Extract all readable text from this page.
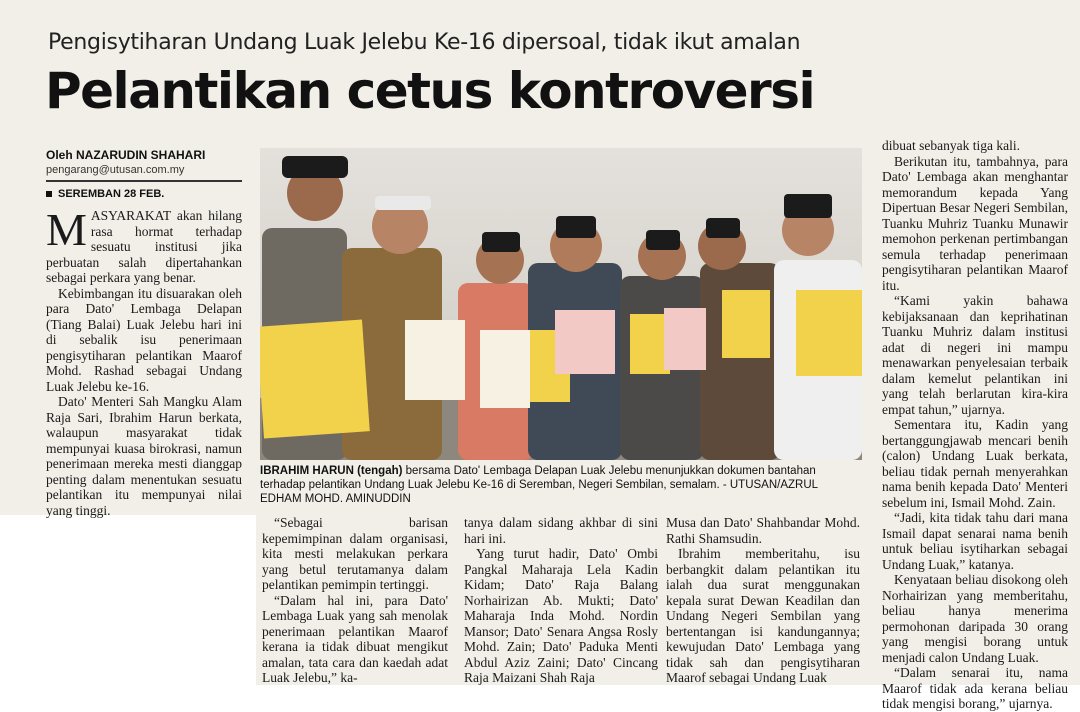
Pengisytiharan Undang Luak Jelebu Ke-16 dipersoal, tidak ikut amalan
Pelantikan cetus kontroversi
Oleh NAZARUDIN SHAHARI
pengarang@utusan.com.my
SEREMBAN 28 FEB.

MASYARAKAT akan hilang rasa hormat terhadap sesuatu institusi jika perbuatan salah dipertahankan sebagai perkara yang benar.

Kebimbangan itu disuarakan oleh para Dato' Lembaga Delapan (Tiang Balai) Luak Jelebu hari ini di sebalik isu penerimaan pengisytiharan pelantikan Maarof Mohd. Rashad sebagai Undang Luak Jelebu ke-16.

Dato' Menteri Sah Mangku Alam Raja Sari, Ibrahim Harun berkata, walaupun masyarakat tidak mempunyai kuasa birokrasi, namun penerimaan mereka mesti dianggap penting dalam menentukan sesuatu pelantikan itu mempunyai nilai yang tinggi.

IBRAHIM HARUN (tengah) bersama Dato' Lembaga Delapan Luak Jelebu menunjukkan dokumen bantahan terhadap pelantikan Undang Luak Jelebu Ke-16 di Seremban, Negeri Sembilan, semalam. - UTUSAN/AZRUL EDHAM MOHD. AMINUDDIN

“Sebagai barisan kepemimpinan dalam organisasi, kita mesti melakukan perkara yang betul terutamanya dalam pelantikan pemimpin tertinggi.

“Dalam hal ini, para Dato' Lembaga Luak yang sah menolak penerimaan pelantikan Maarof kerana ia tidak dibuat mengikut amalan, tata cara dan kaedah adat Luak Jelebu,” ka-

tanya dalam sidang akhbar di sini hari ini.

Yang turut hadir, Dato' Ombi Pangkal Maharaja Lela Kadin Kidam; Dato' Raja Balang Norhairizan Ab. Mukti; Dato' Maharaja Inda Mohd. Nordin Mansor; Dato' Senara Angsa Rosly Mohd. Zain; Dato' Paduka Menti Abdul Aziz Zaini; Dato' Cincang Raja Maizani Shah Raja

Musa dan Dato' Shahbandar Mohd. Rathi Shamsudin.

Ibrahim memberitahu, isu berbangkit dalam pelantikan itu ialah dua surat menggunakan kepala surat Dewan Keadilan dan Undang Negeri Sembilan yang bertentangan isi kandungannya; kewujudan Dato' Lembaga yang tidak sah dan pengisytiharan Maarof sebagai Undang Luak

dibuat sebanyak tiga kali.

Berikutan itu, tambahnya, para Dato' Lembaga akan menghantar memorandum kepada Yang Dipertuan Besar Negeri Sembilan, Tuanku Muhriz Tuanku Munawir memohon perkenan pertimbangan semula terhadap penerimaan pengisytiharan pelantikan Maarof itu.

“Kami yakin bahawa kebijaksanaan dan keprihatinan Tuanku Muhriz dalam institusi adat di negeri ini mampu menawarkan penyelesaian terbaik dalam kemelut pelantikan ini yang telah berlarutan kira-kira empat tahun,” ujarnya.

Sementara itu, Kadin yang bertanggungjawab mencari benih (calon) Undang Luak berkata, beliau tidak pernah menyerahkan nama benih kepada Dato' Menteri sebelum ini, Ismail Mohd. Zain.

“Jadi, kita tidak tahu dari mana Ismail dapat senarai nama benih untuk beliau isytiharkan sebagai Undang Luak,” katanya.

Kenyataan beliau disokong oleh Norhairizan yang memberitahu, beliau hanya menerima permohonan daripada 30 orang yang mengisi borang untuk menjadi calon Undang Luak.

“Dalam senarai itu, nama Maarof tidak ada kerana beliau tidak mengisi borang,” ujarnya.
